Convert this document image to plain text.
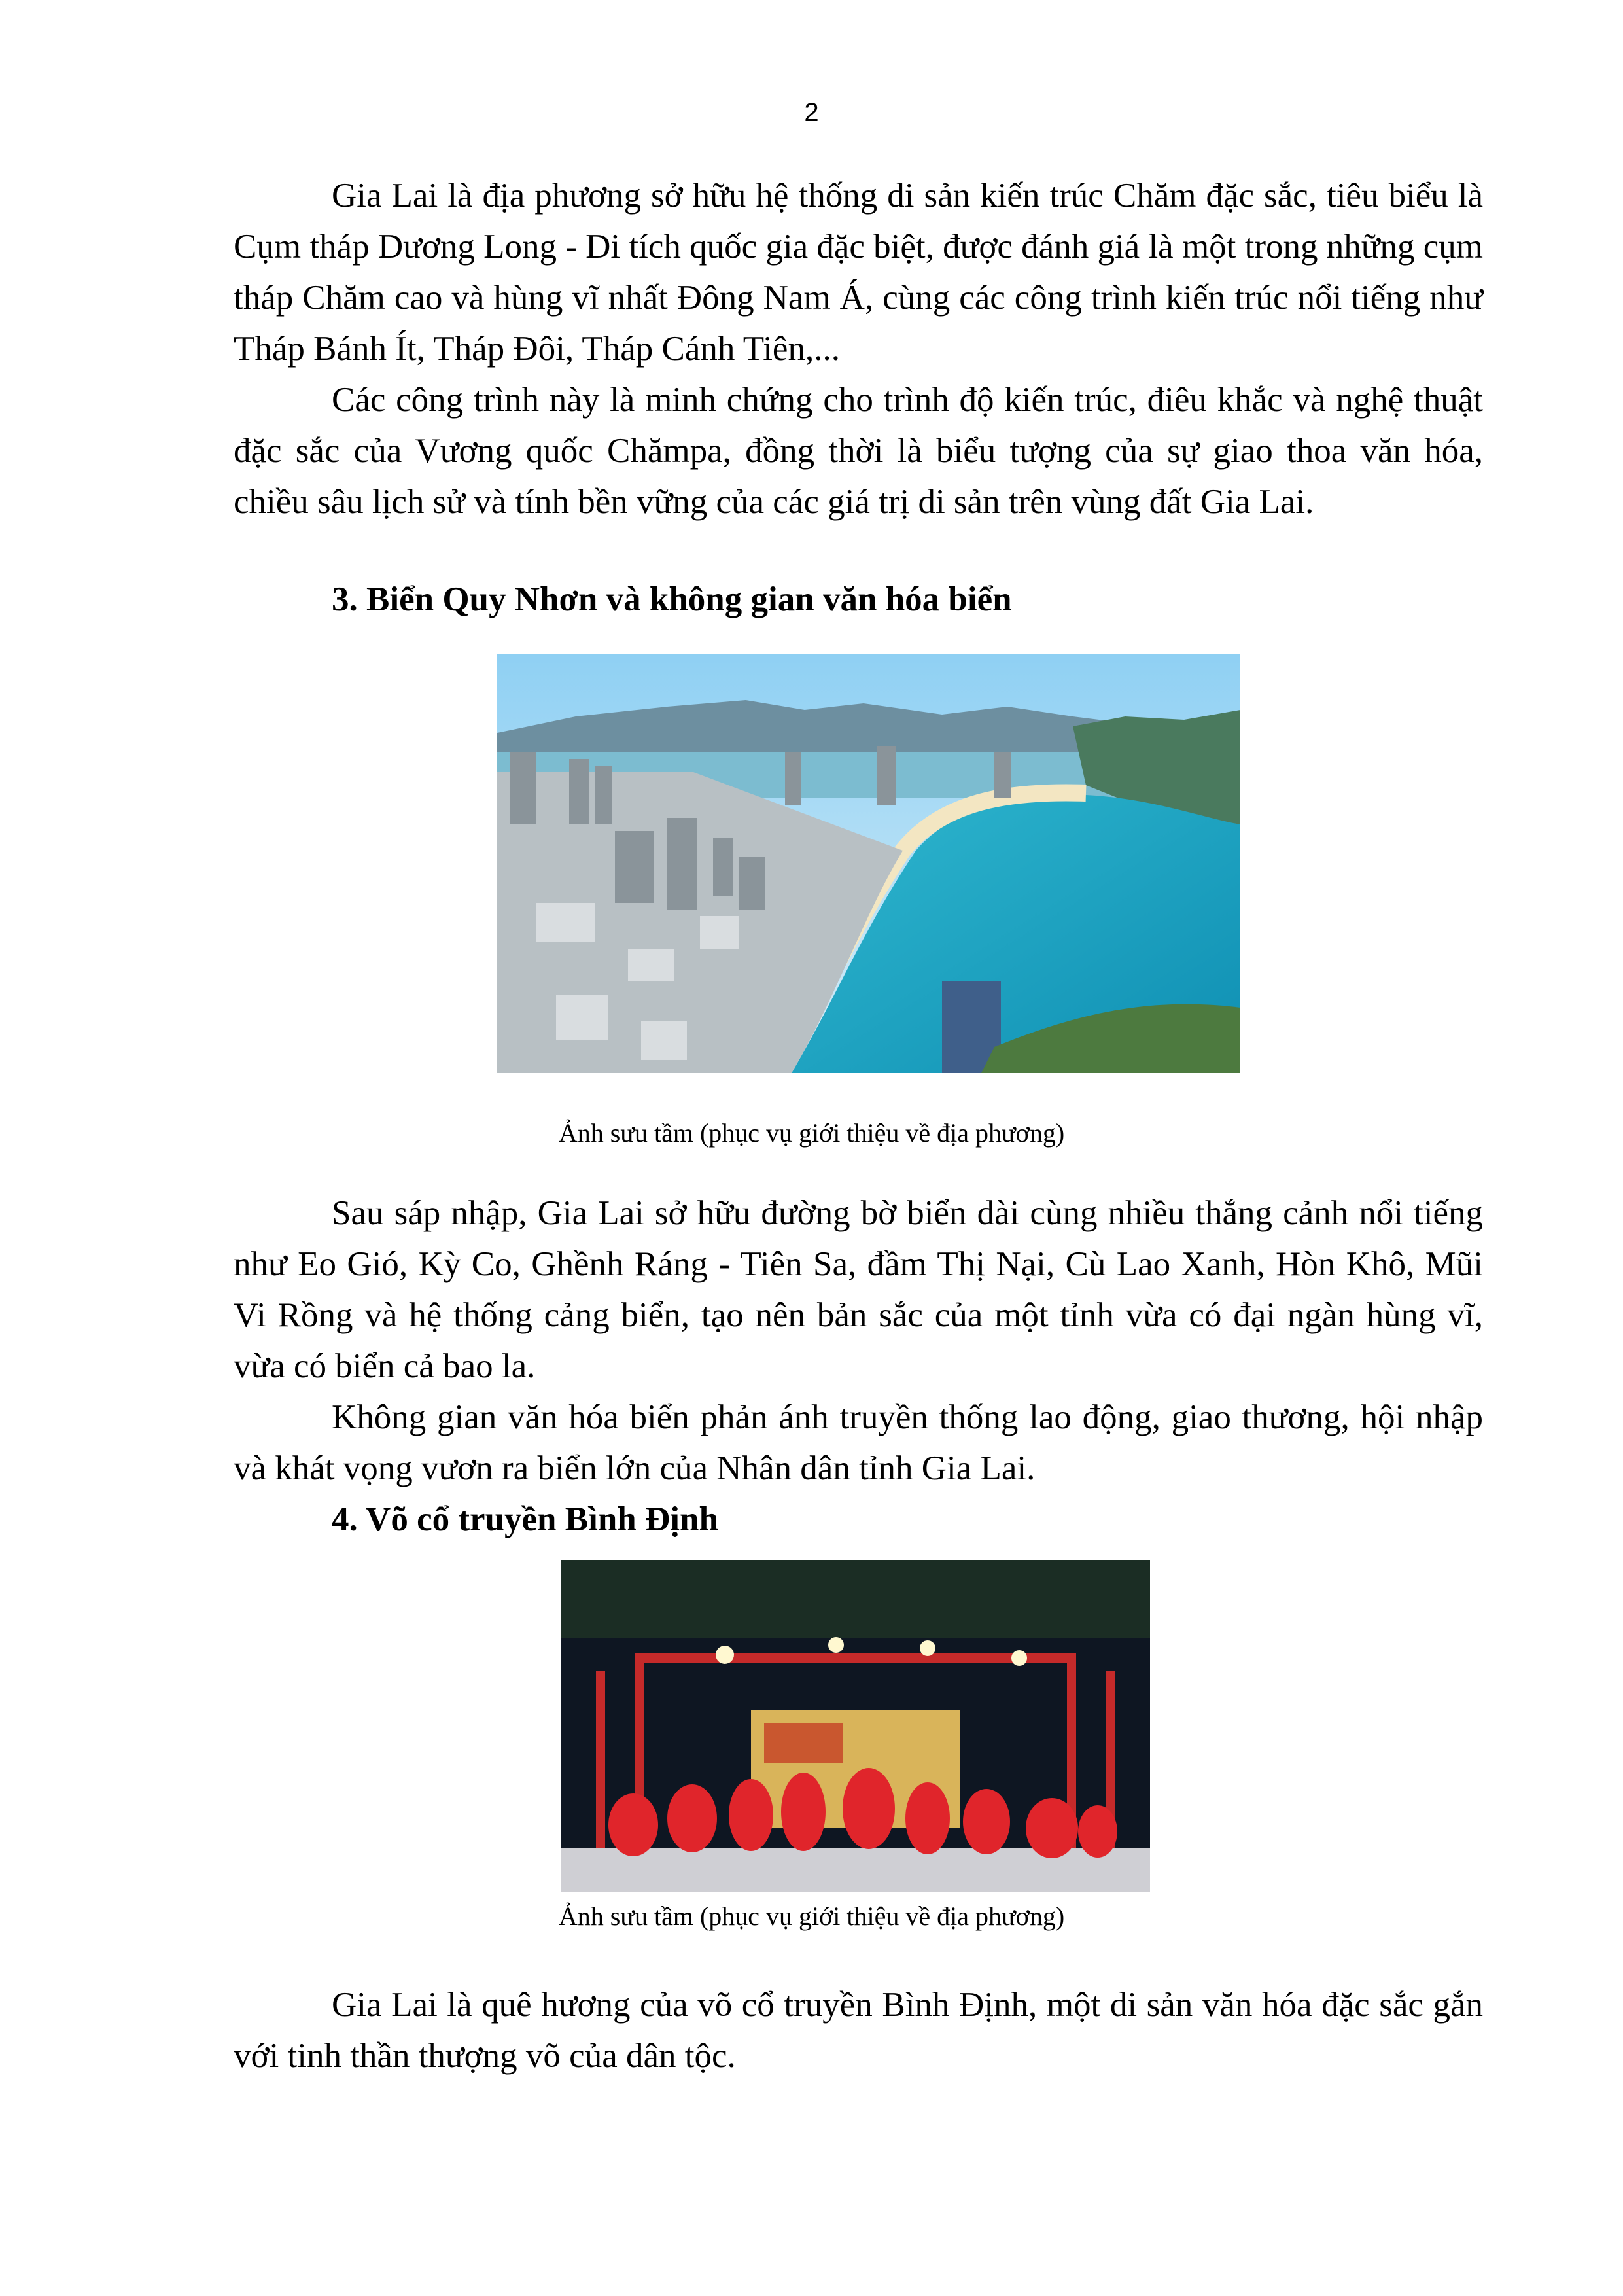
2

Gia Lai là địa phương sở hữu hệ thống di sản kiến trúc Chăm đặc sắc, tiêu biểu là Cụm tháp Dương Long - Di tích quốc gia đặc biệt, được đánh giá là một trong những cụm tháp Chăm cao và hùng vĩ nhất Đông Nam Á, cùng các công trình kiến trúc nổi tiếng như Tháp Bánh Ít, Tháp Đôi, Tháp Cánh Tiên,...

Các công trình này là minh chứng cho trình độ kiến trúc, điêu khắc và nghệ thuật đặc sắc của Vương quốc Chămpa, đồng thời là biểu tượng của sự giao thoa văn hóa, chiều sâu lịch sử và tính bền vững của các giá trị di sản trên vùng đất Gia Lai.

3. Biển Quy Nhơn và không gian văn hóa biển
Ảnh sưu tầm (phục vụ giới thiệu về địa phương)

Sau sáp nhập, Gia Lai sở hữu đường bờ biển dài cùng nhiều thắng cảnh nổi tiếng như Eo Gió, Kỳ Co, Ghềnh Ráng - Tiên Sa, đầm Thị Nại, Cù Lao Xanh, Hòn Khô, Mũi Vi Rồng và hệ thống cảng biển, tạo nên bản sắc của một tỉnh vừa có đại ngàn hùng vĩ, vừa có biển cả bao la.

Không gian văn hóa biển phản ánh truyền thống lao động, giao thương, hội nhập và khát vọng vươn ra biển lớn của Nhân dân tỉnh Gia Lai.

4. Võ cổ truyền Bình Định
Ảnh sưu tầm (phục vụ giới thiệu về địa phương)

Gia Lai là quê hương của võ cổ truyền Bình Định, một di sản văn hóa đặc sắc gắn với tinh thần thượng võ của dân tộc.
